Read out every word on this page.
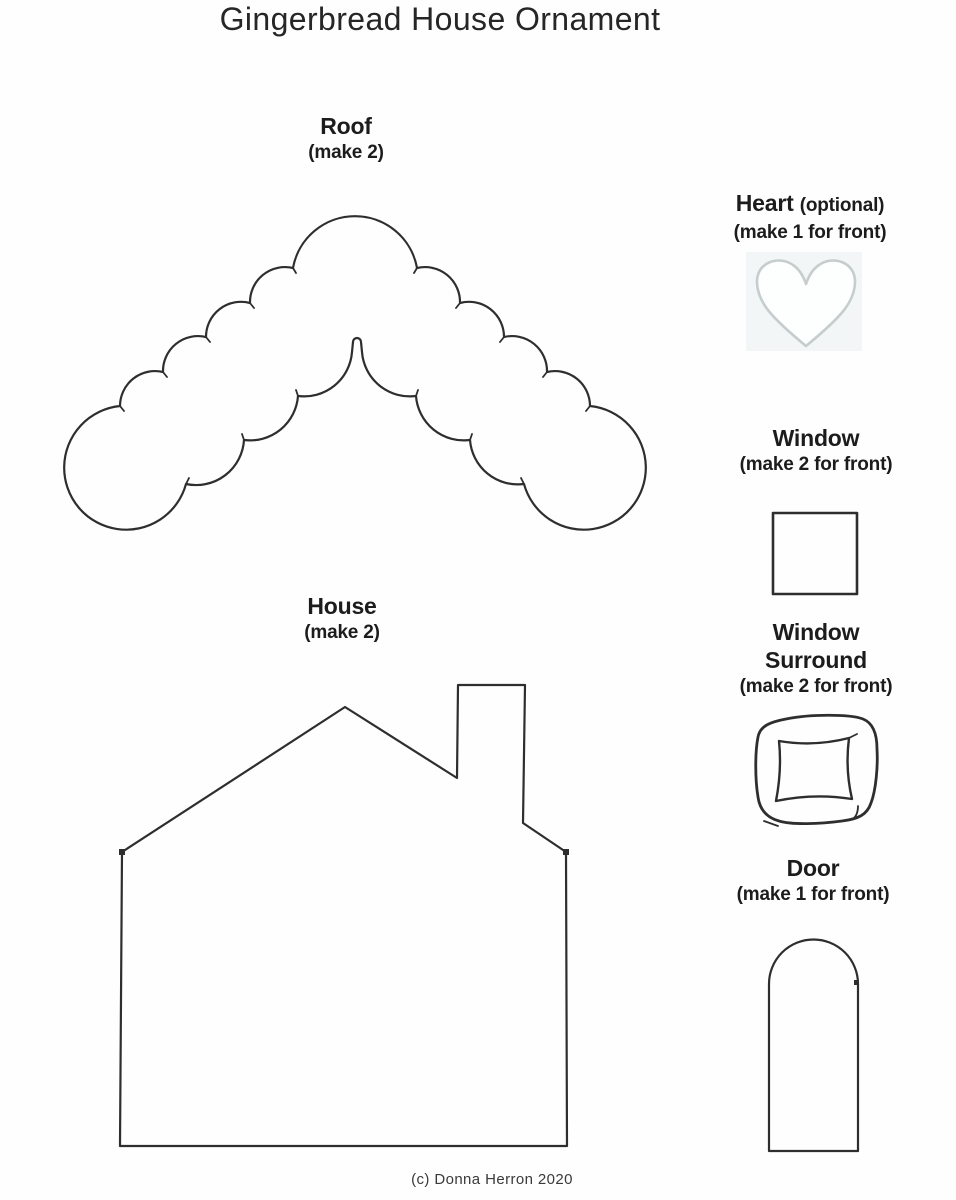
Gingerbread House Ornament
Roof
(make 2)
Heart (optional)
(make 1 for front)
Window
(make 2 for front)
House
(make 2)	Window
Surround
(make 2 for front)
Door
(make 1 for front)
(c) Donna Herron 2020
